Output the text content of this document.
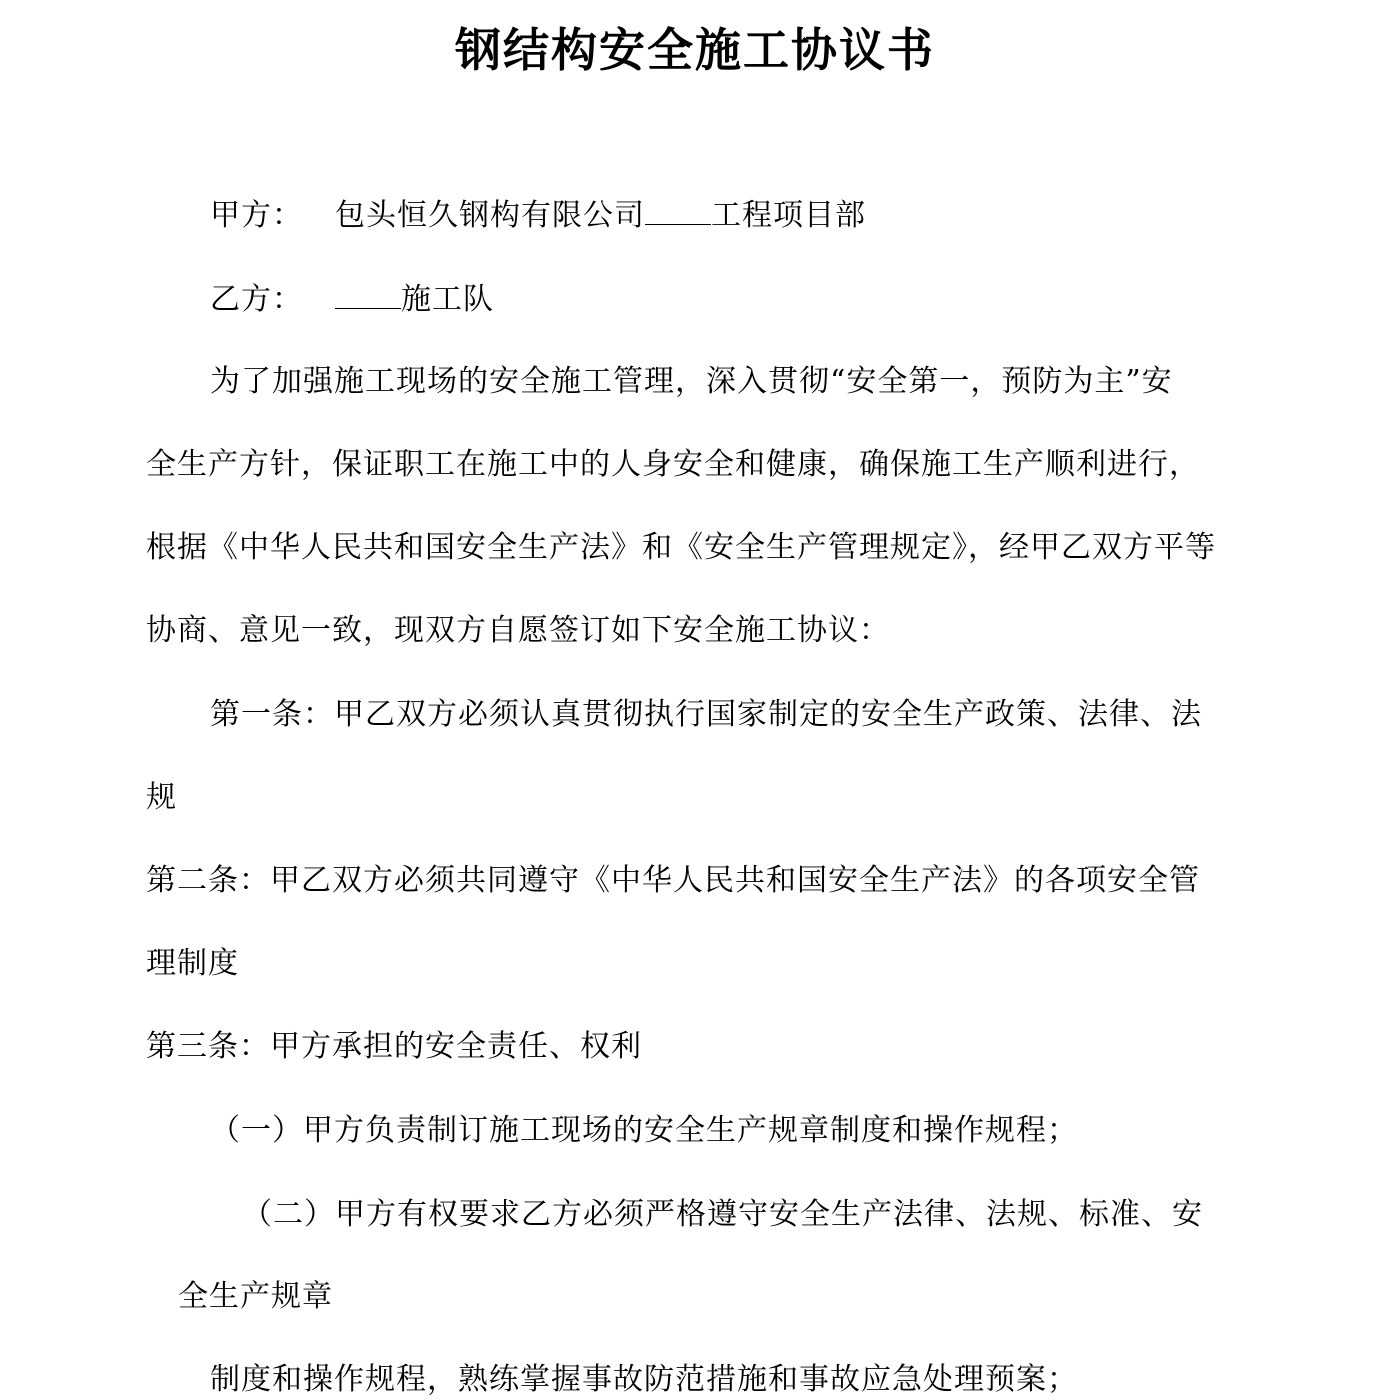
钢结构安全施工协议书
甲方： 包头恒久钢构有限公司 工程项目部
乙方：	施工队
为了加强施工现场的安全施工管理，深入贯彻“安全第一，预防为主”安
全生产方针，保证职工在施工中的人身安全和健康，确保施工生产顺利进行，
根据《中华人民共和国安全生产法》和《安全生产管理规定》，经甲乙双方平等
协商、意见一致，现双方自愿签订如下安全施工协议：
第一条：甲乙双方必须认真贯彻执行国家制定的安全生产政策、法律、法
规
第二条：甲乙双方必须共同遵守《中华人民共和国安全生产法》的各项安全管
理制度
第三条：甲方承担的安全责任、权利
（一）甲方负责制订施工现场的安全生产规章制度和操作规程；
（二）甲方有权要求乙方必须严格遵守安全生产法律、法规、标准、安
全生产规章
制度和操作规程，熟练掌握事故防范措施和事故应急处理预案；
